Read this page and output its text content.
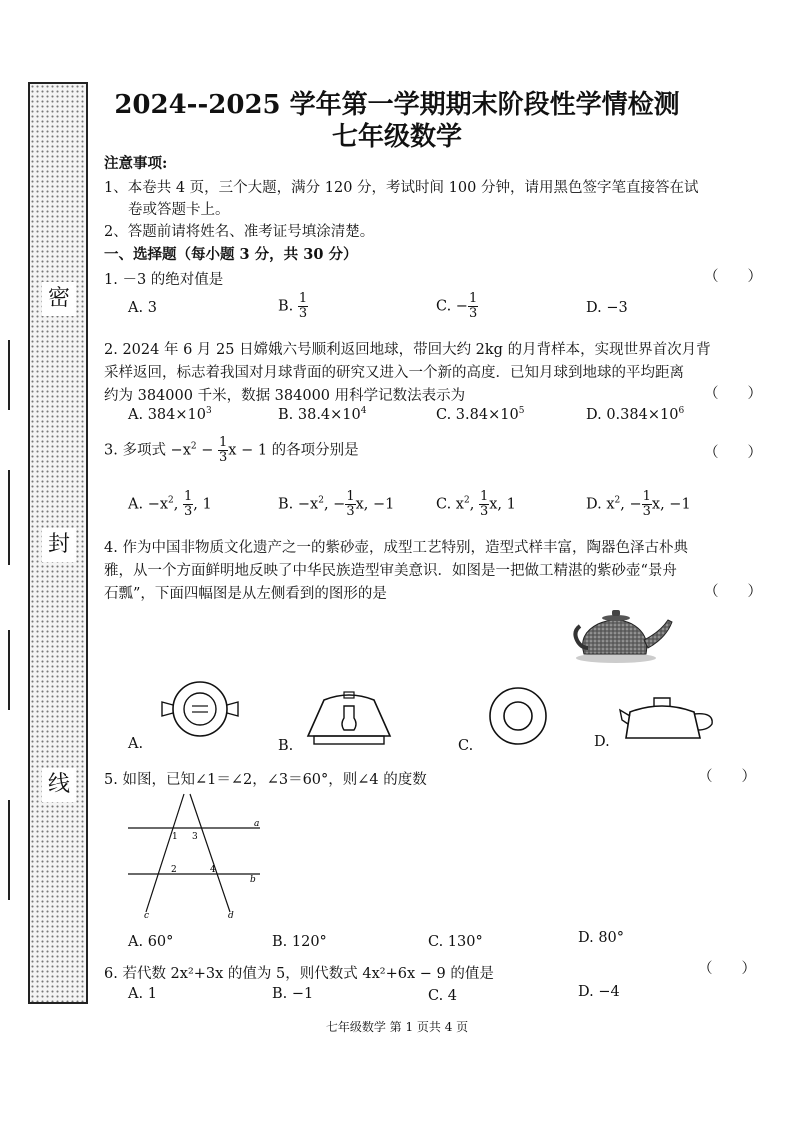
密
封
线
2024--2025 学年第一学期期末阶段性学情检测
七年级数学
注意事项:
1、本卷共 4 页，三个大题，满分 120 分，考试时间 100 分钟，请用黑色签字笔直接答在试
卷或答题卡上。
2、答题前请将姓名、准考证号填涂清楚。
一、选择题（每小题 3 分，共 30 分）
1. －3 的绝对值是	（　　）
A. 3	B. $\frac{1}{3}$	C. − $\frac{1}{3}$	D. −3
2. 2024 年 6 月 25 日嫦娥六号顺利返回地球，带回大约 2kg 的月背样本，实现世界首次月背
采样返回，标志着我国对月球背面的研究又进入一个新的高度．已知月球到地球的平均距离
约为 384000 千米，数据 384000 用科学记数法表示为	（　　）
A. $384\times 10^3$	B. $38.4\times 10^4$	C. $3.84\times 10^5$	D. $0.384\times 10^6$
3. 多项式 $-x^2 - \frac{1}{3}$ x − 1 的各项分别是	（　　）
A. $-x^2$, $\frac{1}{3}$ , 1	B. $-x^2$, − $\frac{1}{3} x$, −1	C. $x^2$, $\frac{1}{3} x$, 1	D. $x^2$, − $\frac{1}{3} x$, −1
4. 作为中国非物质文化遗产之一的紫砂壶，成型工艺特别，造型式样丰富，陶器色泽古朴典
雅，从一个方面鲜明地反映了中华民族造型审美意识．如图是一把做工精湛的紫砂壶“景舟
石瓢”，下面四幅图是从左侧看到的图形的是	（　　）
A.	B.	C.	D.
5. 如图，已知∠1＝∠2，∠3＝60°，则∠4 的度数	（　　）
1 3
2	4
a
b
c	d
A. 60°	B. 120°	C. 130°	D. 80°
6. 若代数 2x²+3x 的值为 5，则代数式 4x²+6x − 9 的值是	（　　）
A. 1	B. −1	C. 4	D. −4
七年级数学 第 1 页共 4 页
